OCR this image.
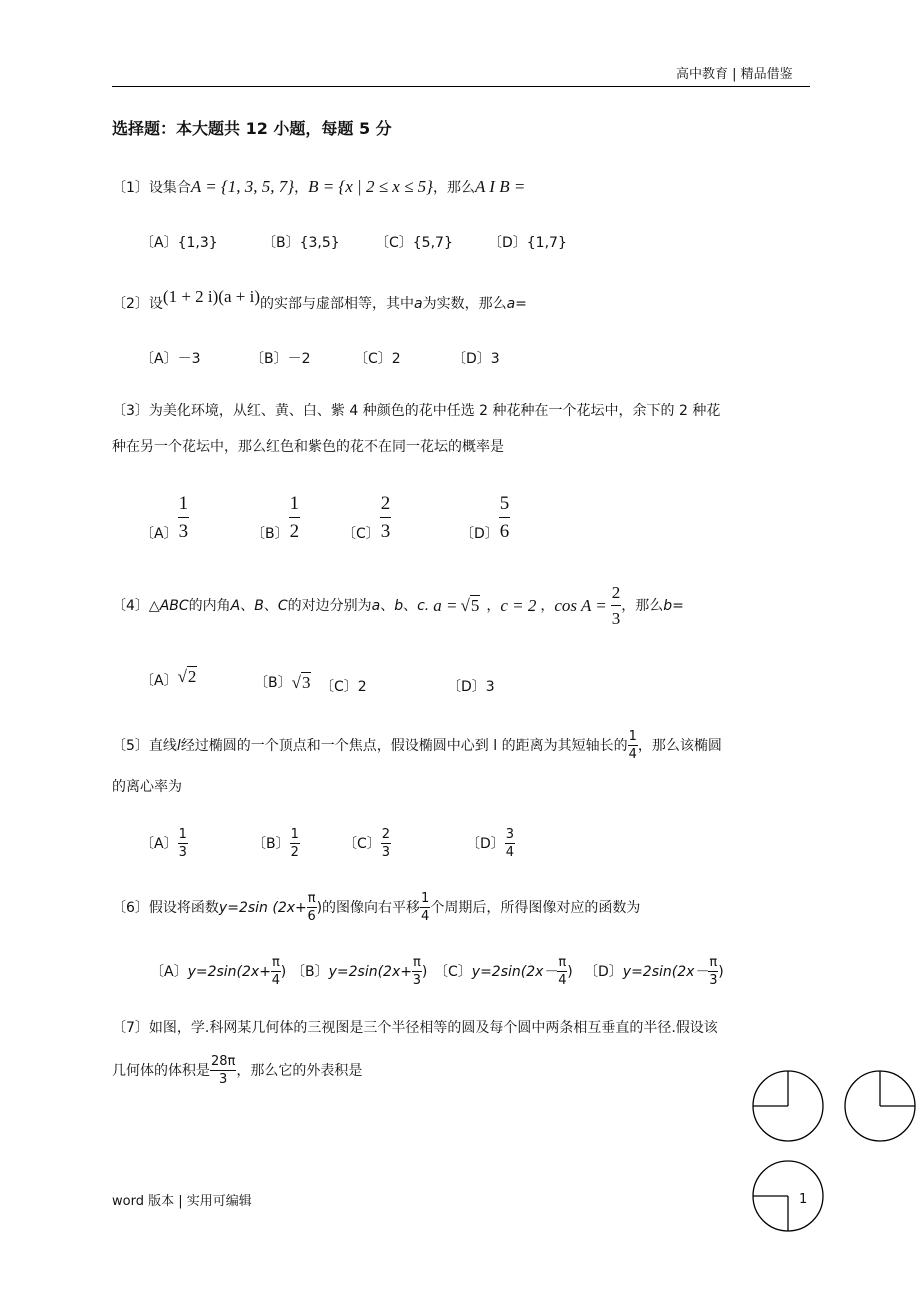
高中教育 | 精品借鉴
选择题：本大题共 12 小题，每题 5 分
〔1〕设集合A = {1, 3, 5, 7}，B = {x | 2 ≤ x ≤ 5}，那么A I B =
〔A〕{1,3}	〔B〕{3,5}	〔C〕{5,7}	〔D〕{1,7}
〔2〕设(1 + 2 i)(a + i)的实部与虚部相等，其中a为实数，那么a=
〔A〕－3	〔B〕－2	〔C〕2	〔D〕3
〔3〕为美化环境，从红、黄、白、紫 4 种颜色的花中任选 2 种花种在一个花坛中，余下的 2 种花
种在另一个花坛中，那么红色和紫色的花不在同一花坛的概率是
〔A〕 $\frac{1}{3}$	〔B〕 $\frac{1}{2}$	〔C〕 $\frac{2}{3}$	〔D〕 $\frac{5}{6}$
〔4〕△ ABC 的内角 A 、 B 、 C 的对边分别为 a 、 b 、 c. a = √5 ， c = 2 ， $\cos A = \frac{2}{3}$ ，那么 b=
〔A〕 √2	〔B〕 √3 〔C〕2	〔D〕3
〔5〕直线 l 经过椭圆的一个顶点和一个焦点，假设椭圆中心到 l 的距离为其短轴长的 $\frac{1}{4}$ ，那么该椭圆
的离心率为
〔A〕 $\frac{1}{3}$	〔B〕 $\frac{1}{2}$	〔C〕 $\frac{2}{3}$	〔D〕 $\frac{3}{4}$
〔6〕假设将函数 y=2sin ($2x+ \frac{\pi}{6}$ ) 的图像向右平移 $\frac{1}{4}$ 个周期后，所得图像对应的函数为
〔A〕 $y=2\sin(2x+ \frac{\pi}{4}$ ) 〔B〕 $y=2\sin(2x+ \frac{\pi}{3}$ ) 〔C〕 $y=2\sin(2x- \frac{\pi}{4}$ ) 〔D〕 $y=2\sin(2x- \frac{\pi}{3}$ )
〔7〕如图，学.科网某几何体的三视图是三个半径相等的圆及每个圆中两条相互垂直的半径.假设该
几何体的体积是 $\frac{28\pi}{3}$ ，那么它的外表积是
word 版本 | 实用可编辑	1
